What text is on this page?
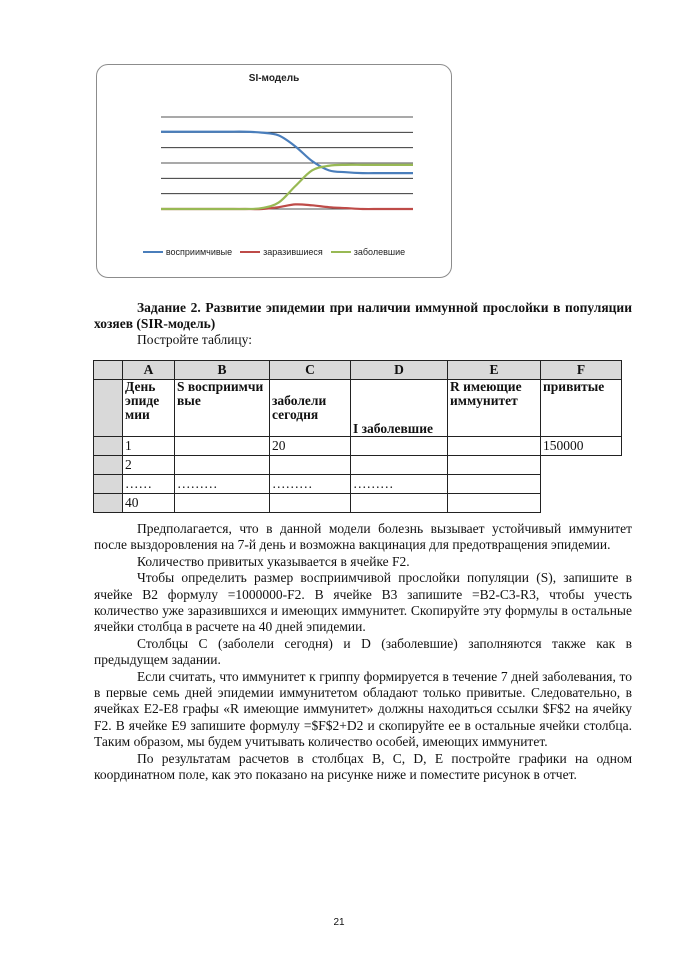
SI-модель
восприимчивые	заразившиеся	заболевшие
Задание 2. Развитие эпидемии при наличии иммунной прослойки в популяции хозяев (SIR-модель)
Постройте таблицу:
	A	B	C	D	E	F
	День эпиде мии	S восприимчи вые	заболели сегодня	I заболевшие	R имеющие иммунитет	привитые
	1		20			150000
	2					
	……	………	………	………		
	40					

Предполагается, что в данной модели болезнь вызывает устойчивый иммунитет после выздоровления на 7-й день и возможна вакцинация для предотвращения эпидемии.

Количество привитых указывается в ячейке F2.

Чтобы определить размер восприимчивой прослойки популяции (S), запишите в ячейке B2 формулу =1000000-F2. В ячейке B3 запишите =B2-C3-R3, чтобы учесть количество уже заразившихся и имеющих иммунитет. Скопируйте эту формулы в остальные ячейки столбца в расчете на 40 дней эпидемии.

Столбцы C (заболели сегодня) и D (заболевшие) заполняются также как в предыдущем задании.

Если считать, что иммунитет к гриппу формируется в течение 7 дней заболевания, то в первые семь дней эпидемии иммунитетом обладают только привитые. Следовательно, в ячейках E2-E8 графы «R имеющие иммунитет» должны находиться ссылки $F$2 на ячейку F2. В ячейке E9 запишите формулу =$F$2+D2 и скопируйте ее в остальные ячейки столбца. Таким образом, мы будем учитывать количество особей, имеющих иммунитет.

По результатам расчетов в столбцах B, C, D, E постройте графики на одном координатном поле, как это показано на рисунке ниже и поместите рисунок в отчет.

21
